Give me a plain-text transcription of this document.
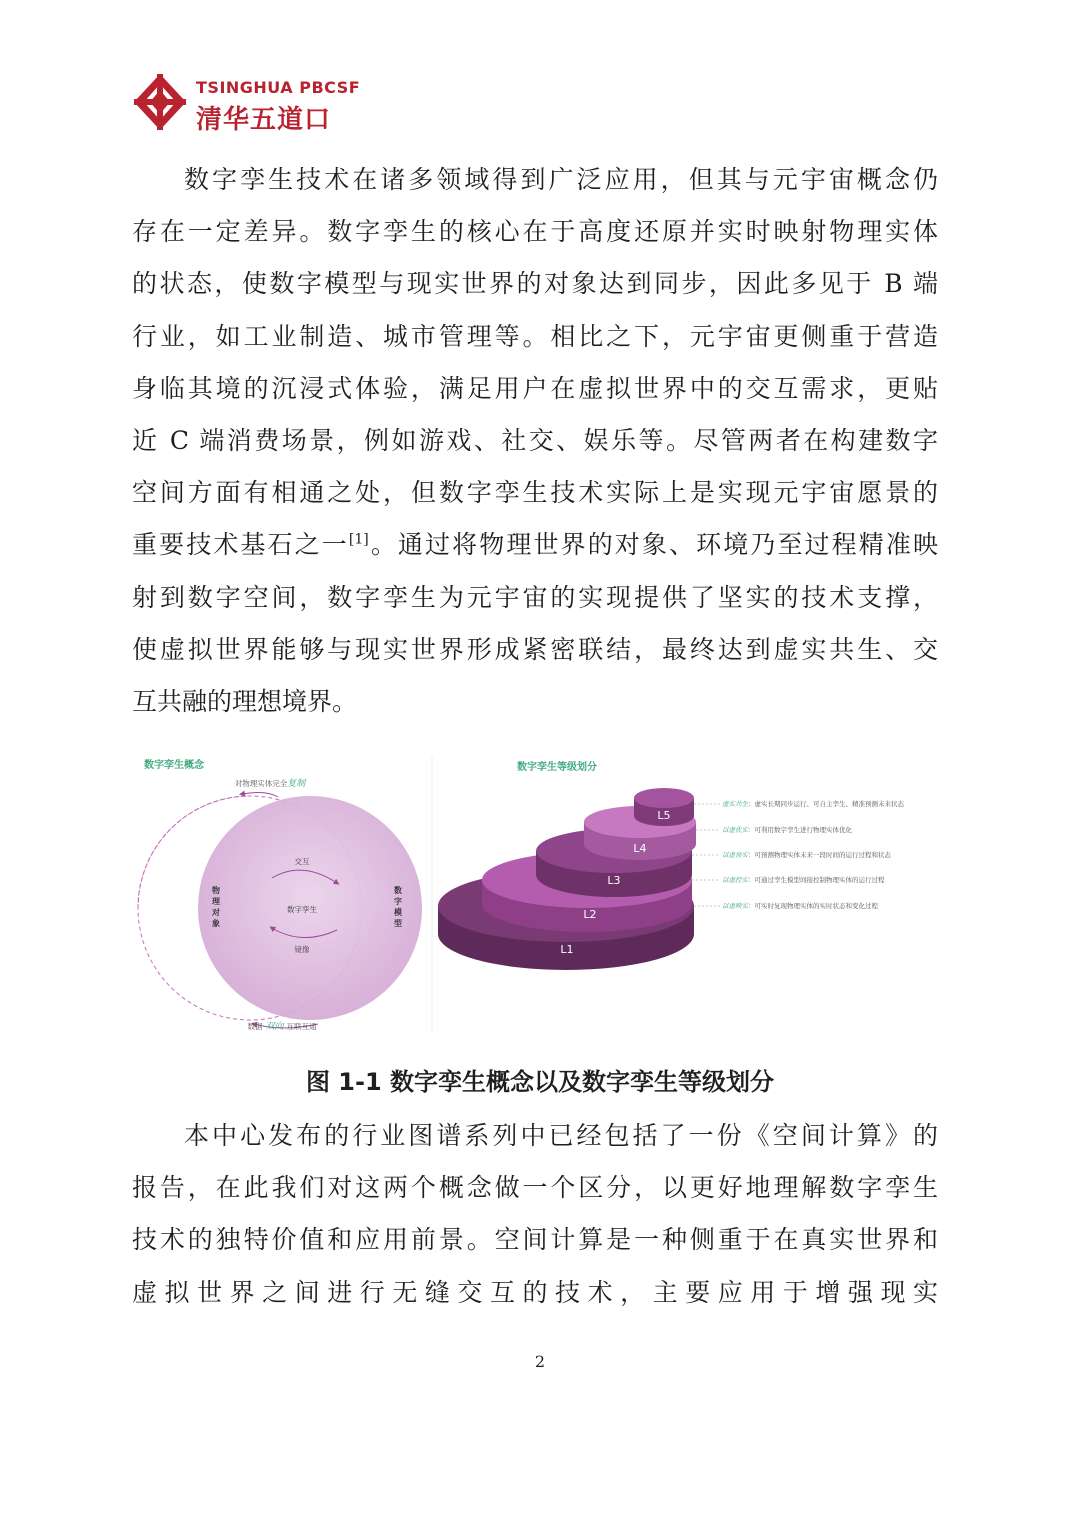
TSINGHUA PBCSF
清华五道口
数字孪生技术在诸多领域得到广泛应用，但其与元宇宙概念仍
存在一定差异。数字孪生的核心在于高度还原并实时映射物理实体
的状态，使数字模型与现实世界的对象达到同步，因此多见于 B 端
行业，如工业制造、城市管理等。相比之下，元宇宙更侧重于营造
身临其境的沉浸式体验，满足用户在虚拟世界中的交互需求，更贴
近 C 端消费场景，例如游戏、社交、娱乐等。尽管两者在构建数字
空间方面有相通之处，但数字孪生技术实际上是实现元宇宙愿景的
重要技术基石之一[1]。通过将物理世界的对象、环境乃至过程精准映
射到数字空间，数字孪生为元宇宙的实现提供了坚实的技术支撑，
使虚拟世界能够与现实世界形成紧密联结，最终达到虚实共生、交
互共融的理想境界。
数字孪生概念
对物理实体完全复制
物
理
对
象
数
字
模
型
交互
数字孪生
镜像
数据 双向 互联互通
数字孪生等级划分
L1
L2
L3
L4
L5
虚实共生：虚实长期同步运行、可自主孪生、精准预测未来状态
以虚优实：可利用数字孪生进行物理实体优化
以虚预实：可预测物理实体未来一段时间的运行过程和状态
以虚控实：可通过孪生模型间接控制物理实体的运行过程
以虚映实：可实时复现物理实体的实时状态和变化过程
图 1-1 数字孪生概念以及数字孪生等级划分
本中心发布的行业图谱系列中已经包括了一份《空间计算》的
报告，在此我们对这两个概念做一个区分，以更好地理解数字孪生
技术的独特价值和应用前景。空间计算是一种侧重于在真实世界和
虚拟世界之间进行无缝交互的技术，主要应用于增强现实
2
